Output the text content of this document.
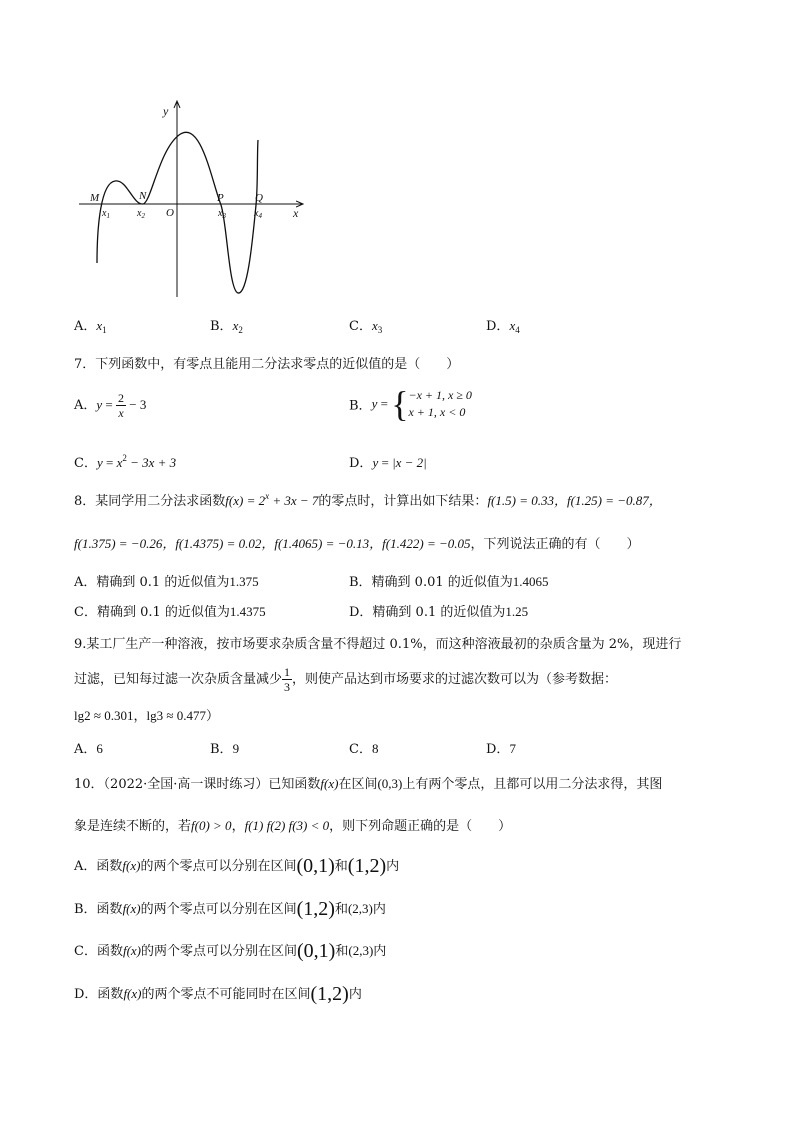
y
x
O
M	N	P	Q
$x_1$	$x_2$	$x_3$	$x_4$
A．$x_1$	B．$x_2$	C．$x_3$	D．$x_4$
7．下列函数中，有零点且能用二分法求零点的近似值的是（　　）
A．$y = \frac{2}{x} - 3$	B．y = { −x + 1, x ≥ 0
x + 1, x < 0
C．$y = x^2 - 3x + 3$	D．y = |x − 2|
8．某同学用二分法求函数$f(x) = 2^x + 3x - 7$的零点时，计算出如下结果：f(1.5) = 0.33，f(1.25) = −0.87，
f(1.375) = −0.26，f(1.4375) = 0.02，f(1.4065) = −0.13，f(1.422) = −0.05，下列说法正确的有（　　）
A．精确到 0.1 的近似值为1.375	B．精确到 0.01 的近似值为1.4065
C．精确到 0.1 的近似值为1.4375	D．精确到 0.1 的近似值为1.25
9.某工厂生产一种溶液，按市场要求杂质含量不得超过 0.1%，而这种溶液最初的杂质含量为 2%，现进行
过滤，已知每过滤一次杂质含量减少 $\frac{1}{3}$ ，则使产品达到市场要求的过滤次数可以为（参考数据：
lg2 ≈ 0.301，lg3 ≈ 0.477）
A．6	B．9	C．8	D．7
10．（2022·全国·高一课时练习）已知函数f(x)在区间(0,3)上有两个零点，且都可以用二分法求得，其图
象是连续不断的，若f(0) > 0，f(1) f(2) f(3) < 0，则下列命题正确的是（　　）
A．函数f(x)的两个零点可以分别在区间(0,1)和(1,2)内
B．函数f(x)的两个零点可以分别在区间(1,2)和(2,3)内
C．函数f(x)的两个零点可以分别在区间(0,1)和(2,3)内
D．函数f(x)的两个零点不可能同时在区间(1,2)内
